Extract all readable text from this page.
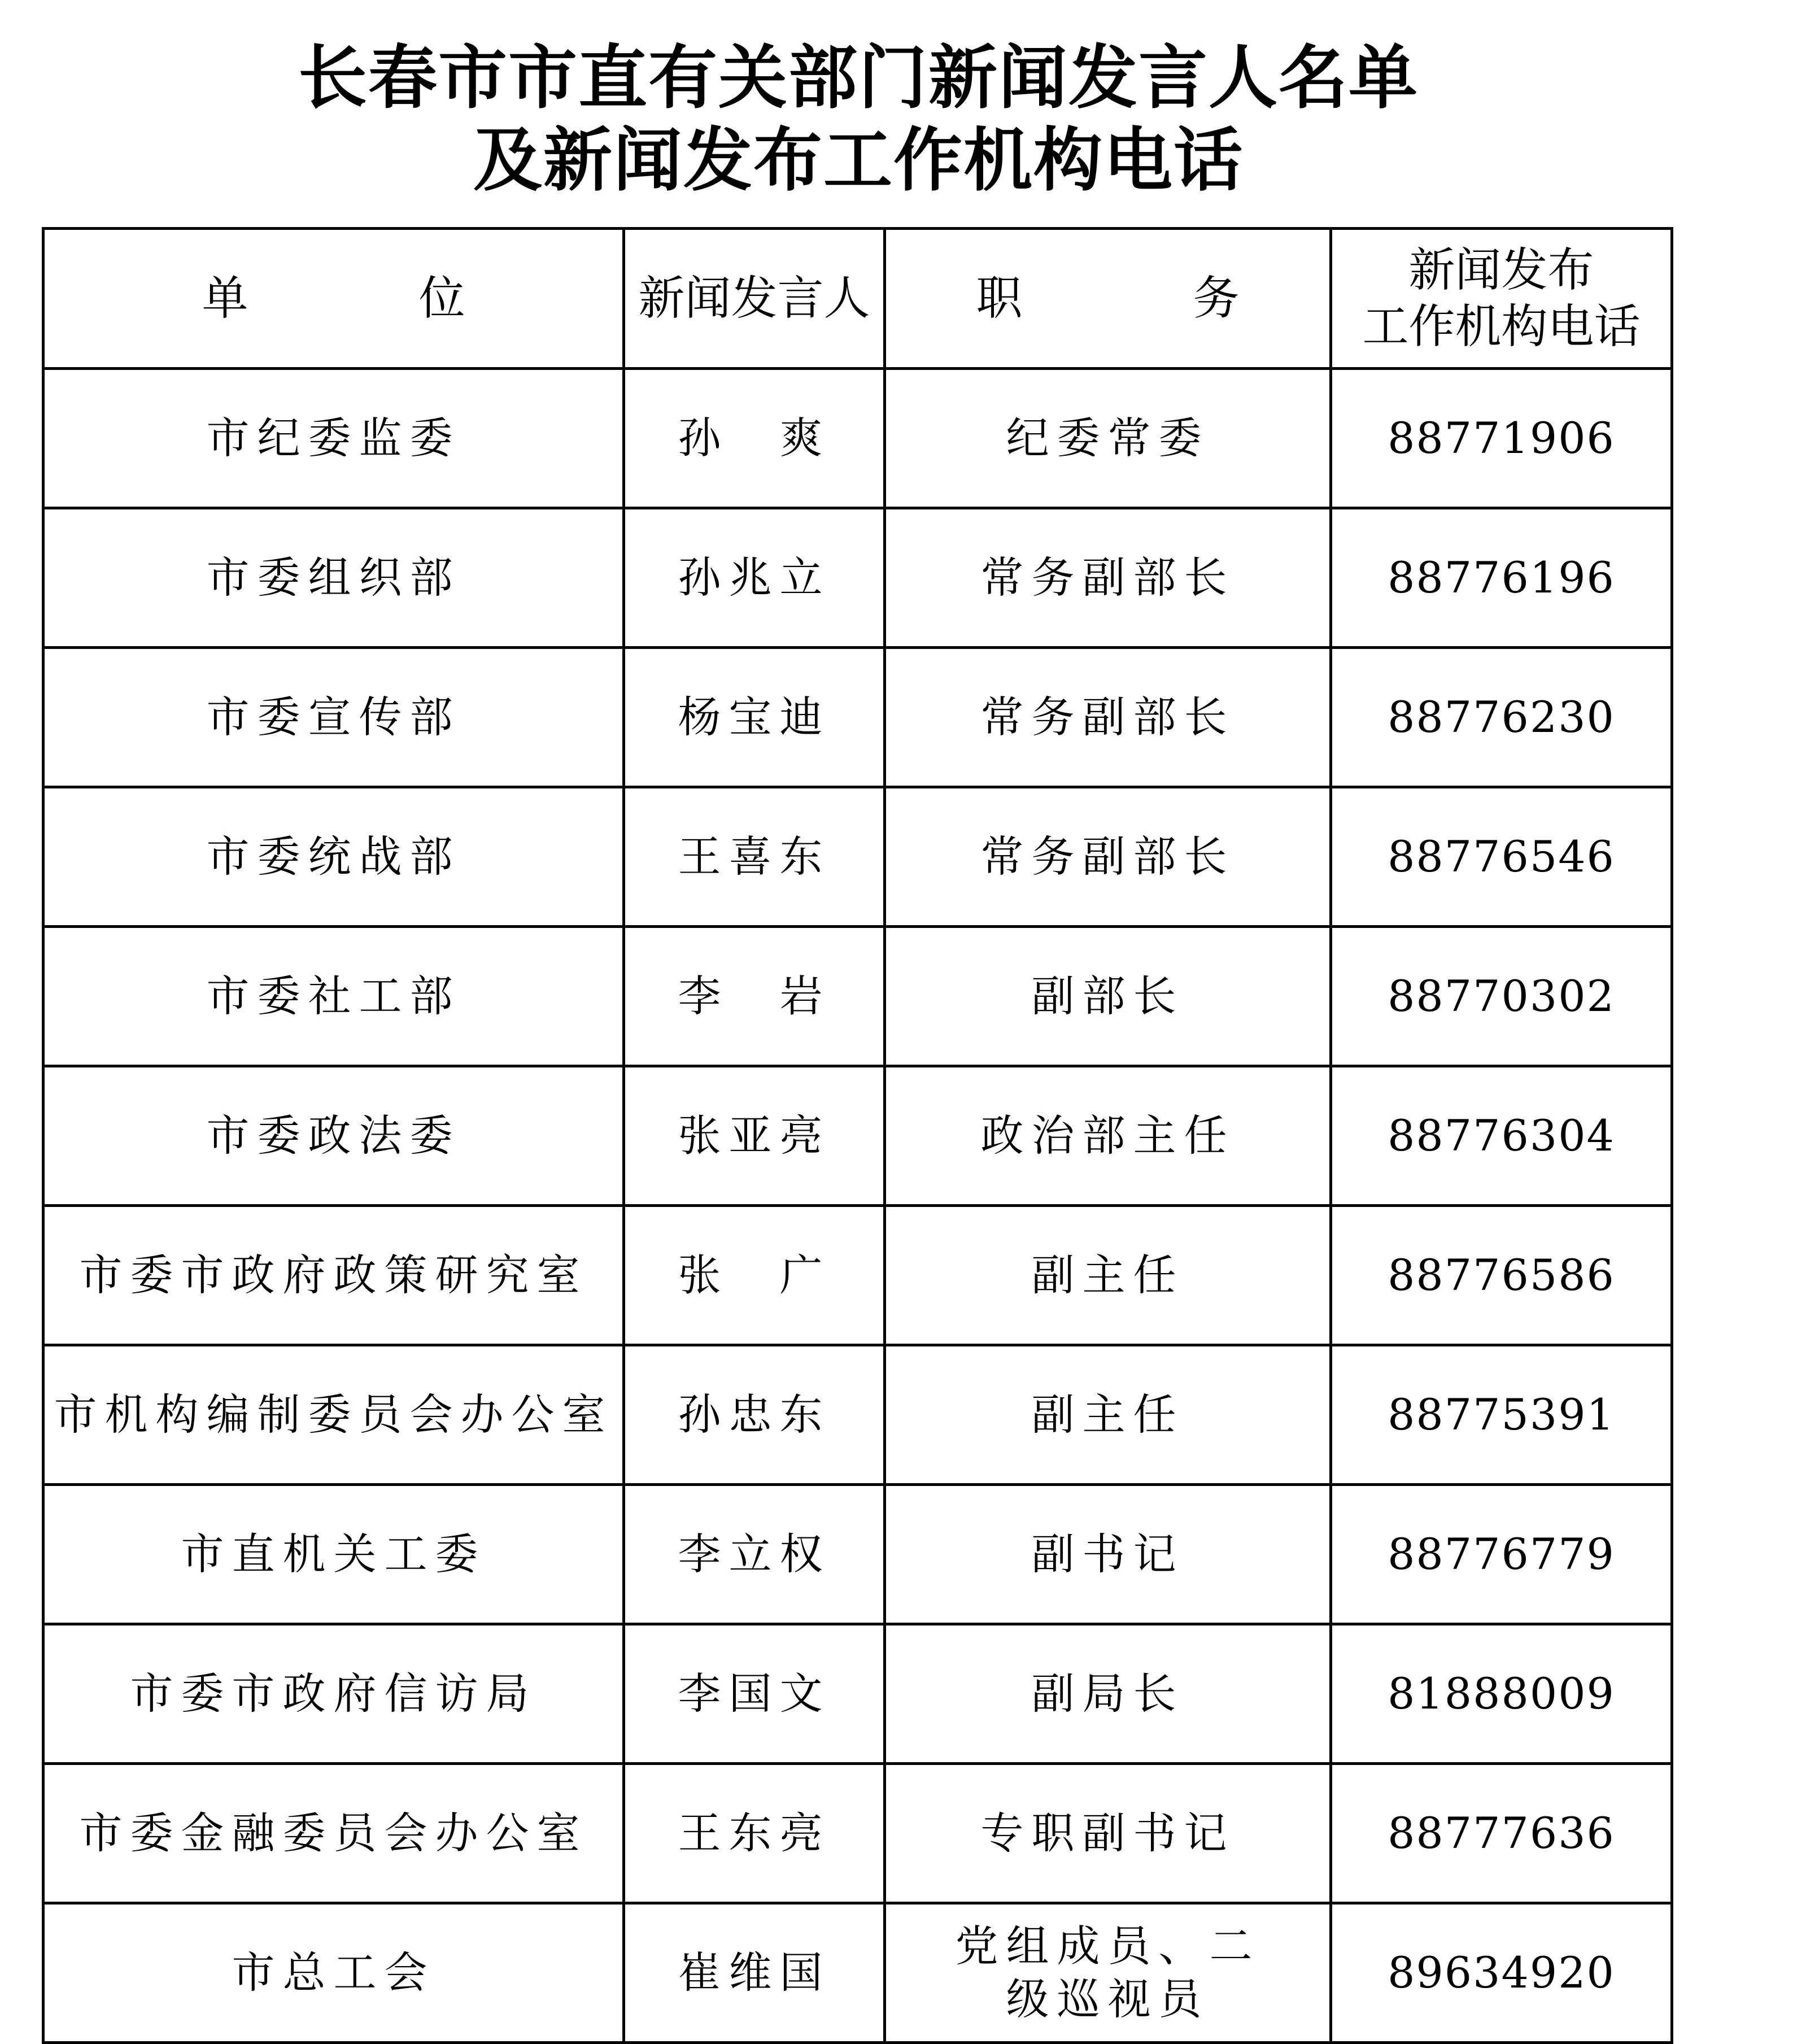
长春市市直有关部门新闻发言人名单
及新闻发布工作机构电话
单　位	新闻发言人	职　务	新闻发布
工作机构电话

市纪委监委	孙　爽	纪委常委	88771906
市委组织部	孙兆立	常务副部长	88776196
市委宣传部	杨宝迪	常务副部长	88776230
市委统战部	王喜东	常务副部长	88776546
市委社工部	李　岩	副部长	88770302
市委政法委	张亚亮	政治部主任	88776304
市委市政府政策研究室	张　广	副主任	88776586
市机构编制委员会办公室	孙忠东	副主任	88775391
市直机关工委	李立权	副书记	88776779
市委市政府信访局	李国文	副局长	81888009
市委金融委员会办公室	王东亮	专职副书记	88777636
市总工会	崔维国	党组成员、二级巡视员	89634920
